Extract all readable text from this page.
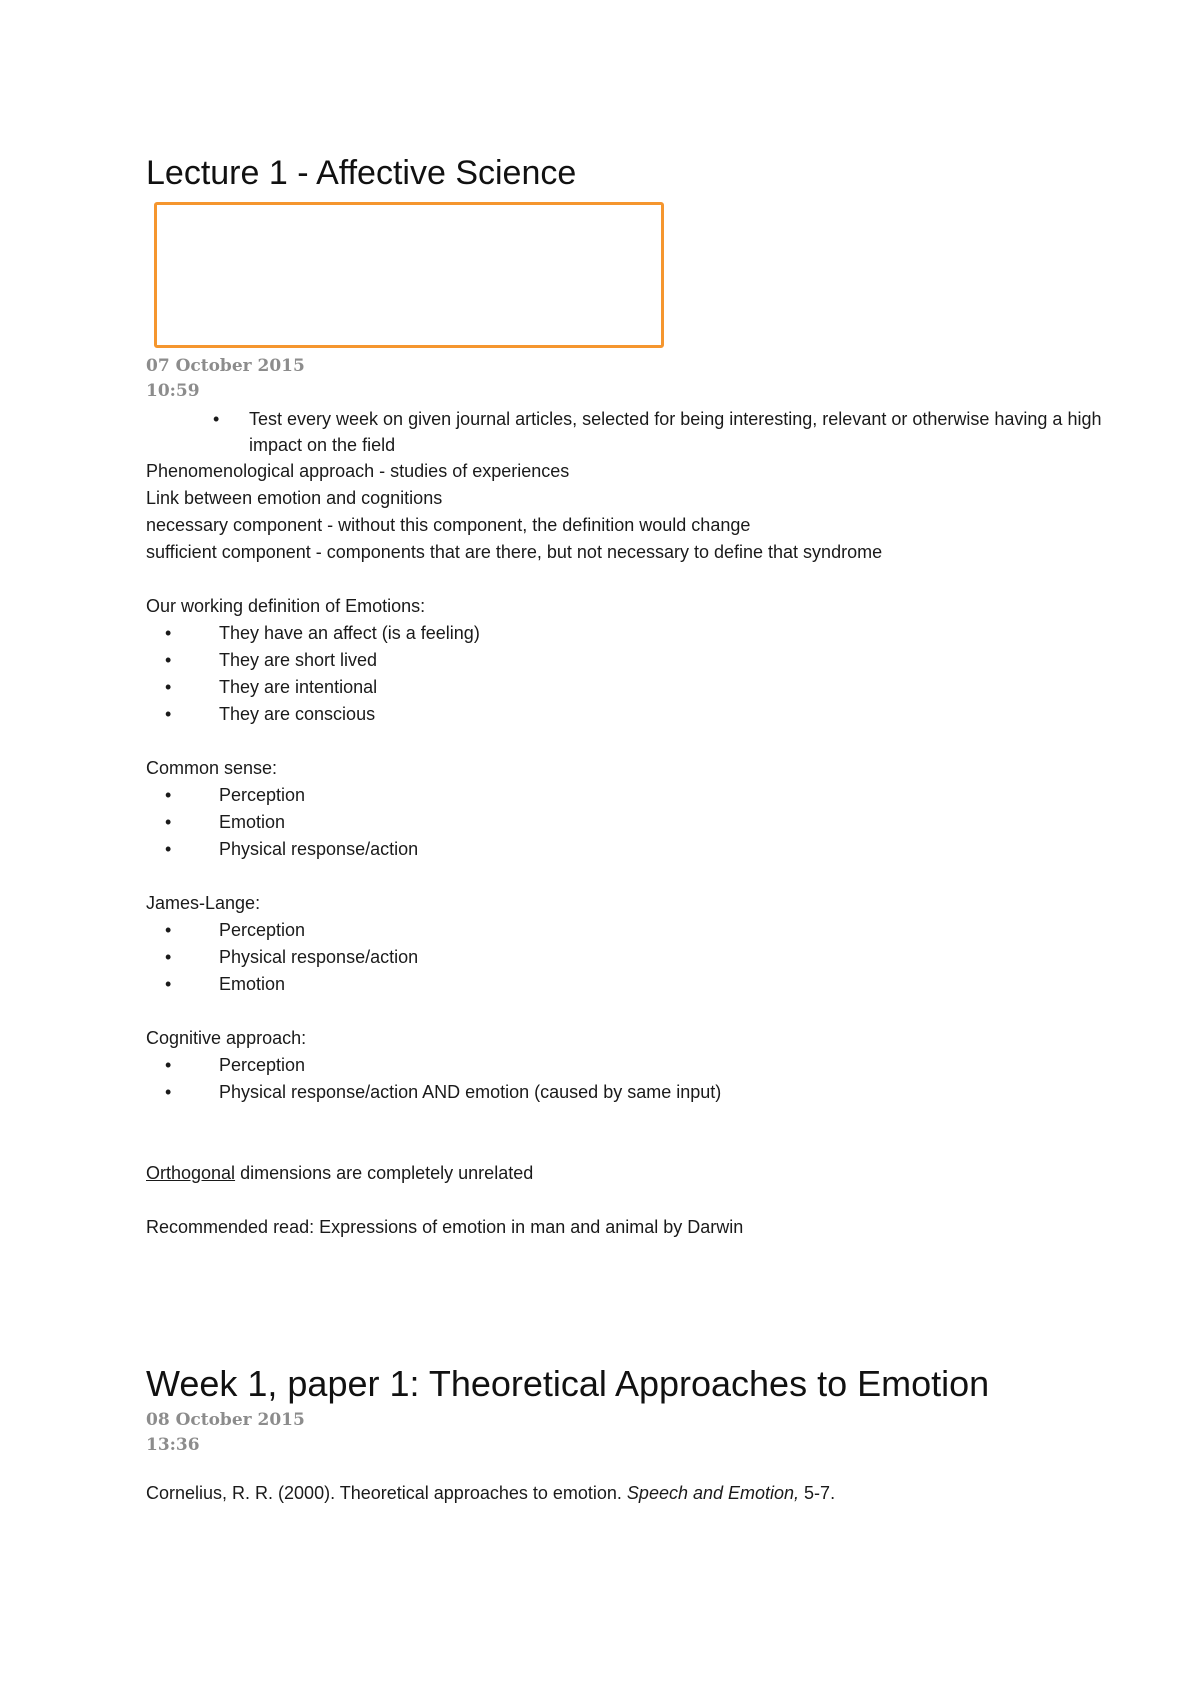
Lecture 1 - Affective Science
07 October 2015
10:59
• Test every week on given journal articles, selected for being interesting, relevant or otherwise having a high impact on the field

Phenomenological approach - studies of experiences

Link between emotion and cognitions

necessary component - without this component, the definition would change

sufficient component - components that are there, but not necessary to define that syndrome

Our working definition of Emotions:

•	They have an affect (is a feeling)
•	They are short lived
•	They are intentional
•	They are conscious

Common sense:

•	Perception
•	Emotion
•	Physical response/action

James-Lange:

•	Perception
•	Physical response/action
•	Emotion

Cognitive approach:

•	Perception
•	Physical response/action AND emotion (caused by same input)

Orthogonal dimensions are completely unrelated

Recommended read: Expressions of emotion in man and animal by Darwin

Week 1, paper 1: Theoretical Approaches to Emotion
08 October 2015
13:36

Cornelius, R. R. (2000). Theoretical approaches to emotion. Speech and Emotion, 5-7.
